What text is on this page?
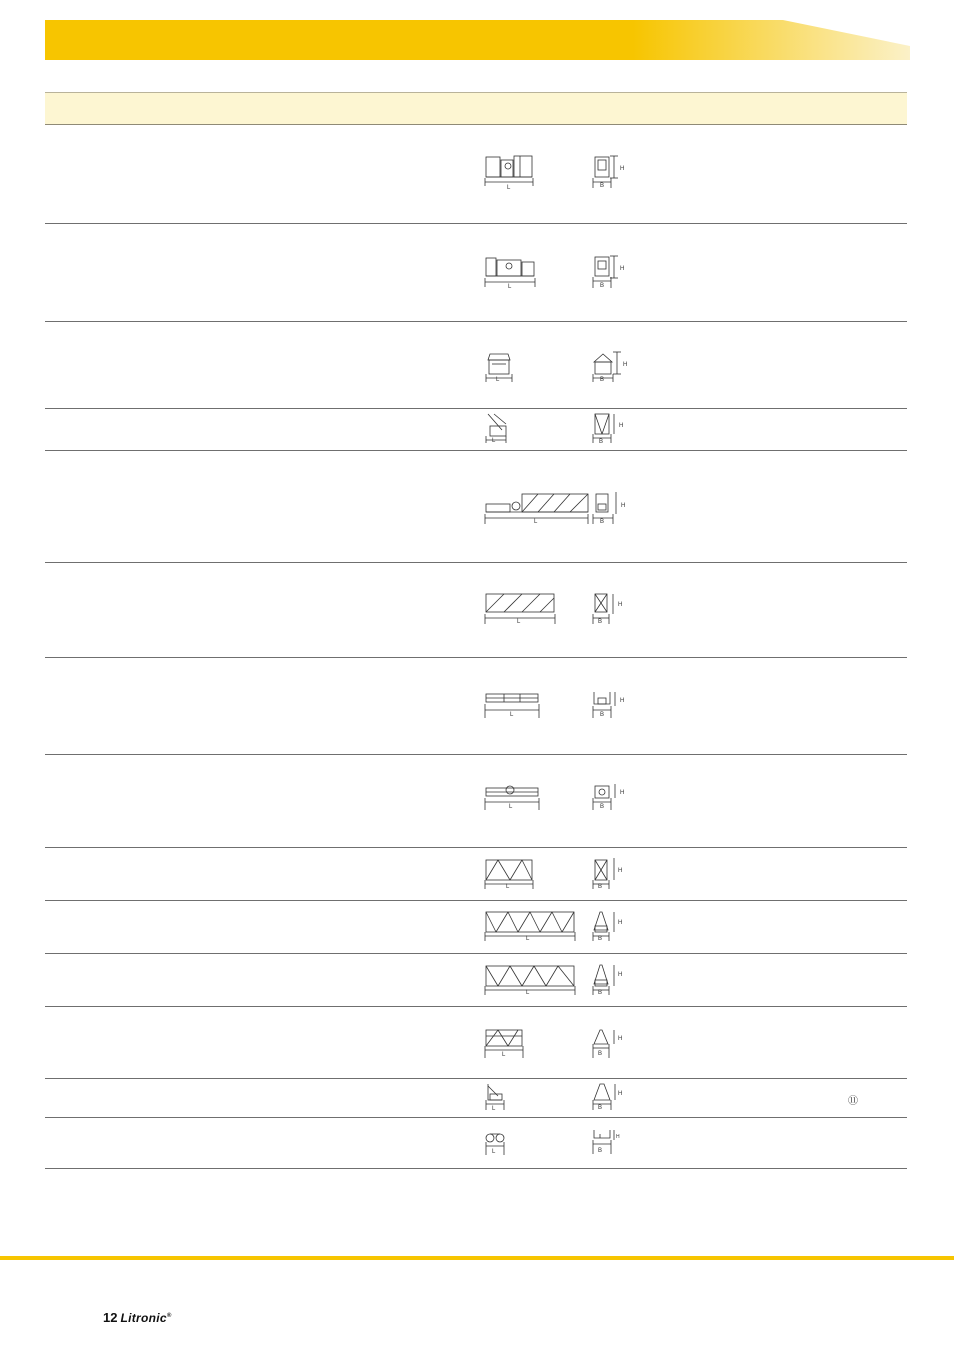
L	B
H
L	B
H
L	B
H
L	B
H
L	B
H
L	B
H
L	B
H
L	B
H
L	B
H
L	B
H
L	B
H
L	B
H
L	B
H
⑪
L	B
H
12 Litronic®
